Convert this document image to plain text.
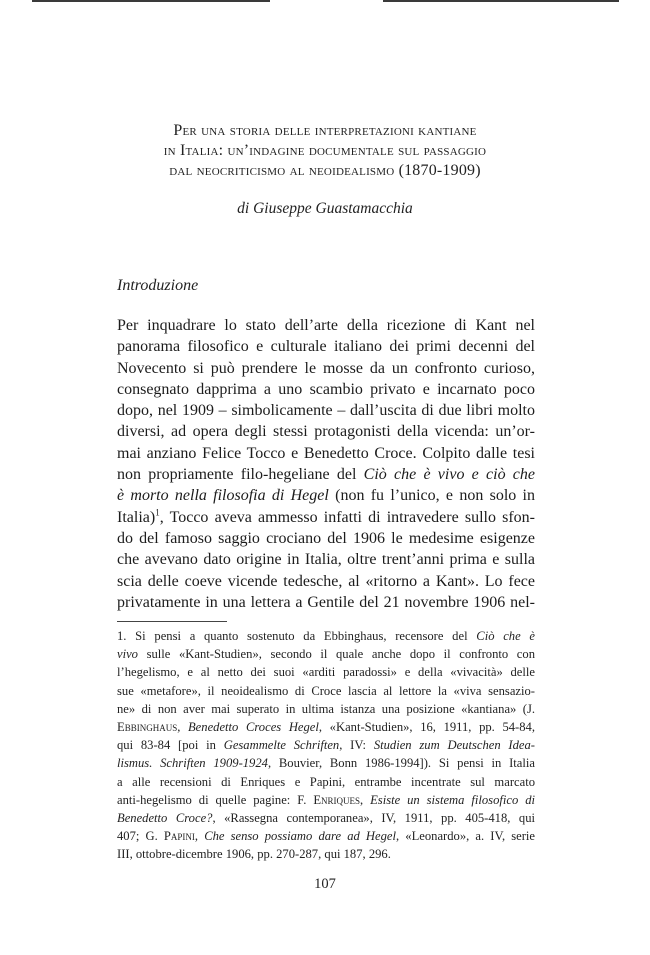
Per una storia delle interpretazioni kantiane
in Italia: un’indagine documentale sul passaggio
dal neocriticismo al neoidealismo (1870-1909)
di Giuseppe Guastamacchia
Introduzione
Per inquadrare lo stato dell’arte della ricezione di Kant nel
panorama filosofico e culturale italiano dei primi decenni del
Novecento si può prendere le mosse da un confronto curioso,
consegnato dapprima a uno scambio privato e incarnato poco
dopo, nel 1909 – simbolicamente – dall’uscita di due libri molto
diversi, ad opera degli stessi protagonisti della vicenda: un’or-
mai anziano Felice Tocco e Benedetto Croce. Colpito dalle tesi
non propriamente filo-hegeliane del Ciò che è vivo e ciò che
è morto nella filosofia di Hegel (non fu l’unico, e non solo in
Italia)$^1$, Tocco aveva ammesso infatti di intravedere sullo sfon-
do del famoso saggio crociano del 1906 le medesime esigenze
che avevano dato origine in Italia, oltre trent’anni prima e sulla
scia delle coeve vicende tedesche, al «ritorno a Kant». Lo fece
privatamente in una lettera a Gentile del 21 novembre 1906 nel-
1. Si pensi a quanto sostenuto da Ebbinghaus, recensore del Ciò che è
vivo sulle «Kant-Studien», secondo il quale anche dopo il confronto con
l’hegelismo, e al netto dei suoi «arditi paradossi» e della «vivacità» delle
sue «metafore», il neoidealismo di Croce lascia al lettore la «viva sensazio-
ne» di non aver mai superato in ultima istanza una posizione «kantiana» (J.
Ebbinghaus, Benedetto Croces Hegel, «Kant-Studien», 16, 1911, pp. 54-84,
qui 83-84 [poi in Gesammelte Schriften, IV: Studien zum Deutschen Idea-
lismus. Schriften 1909-1924, Bouvier, Bonn 1986-1994]). Si pensi in Italia
a alle recensioni di Enriques e Papini, entrambe incentrate sul marcato
anti-hegelismo di quelle pagine: F. Enriques, Esiste un sistema filosofico di
Benedetto Croce?, «Rassegna contemporanea», IV, 1911, pp. 405-418, qui
407; G. Papini, Che senso possiamo dare ad Hegel, «Leonardo», a. IV, serie
III, ottobre-dicembre 1906, pp. 270-287, qui 187, 296.
107
